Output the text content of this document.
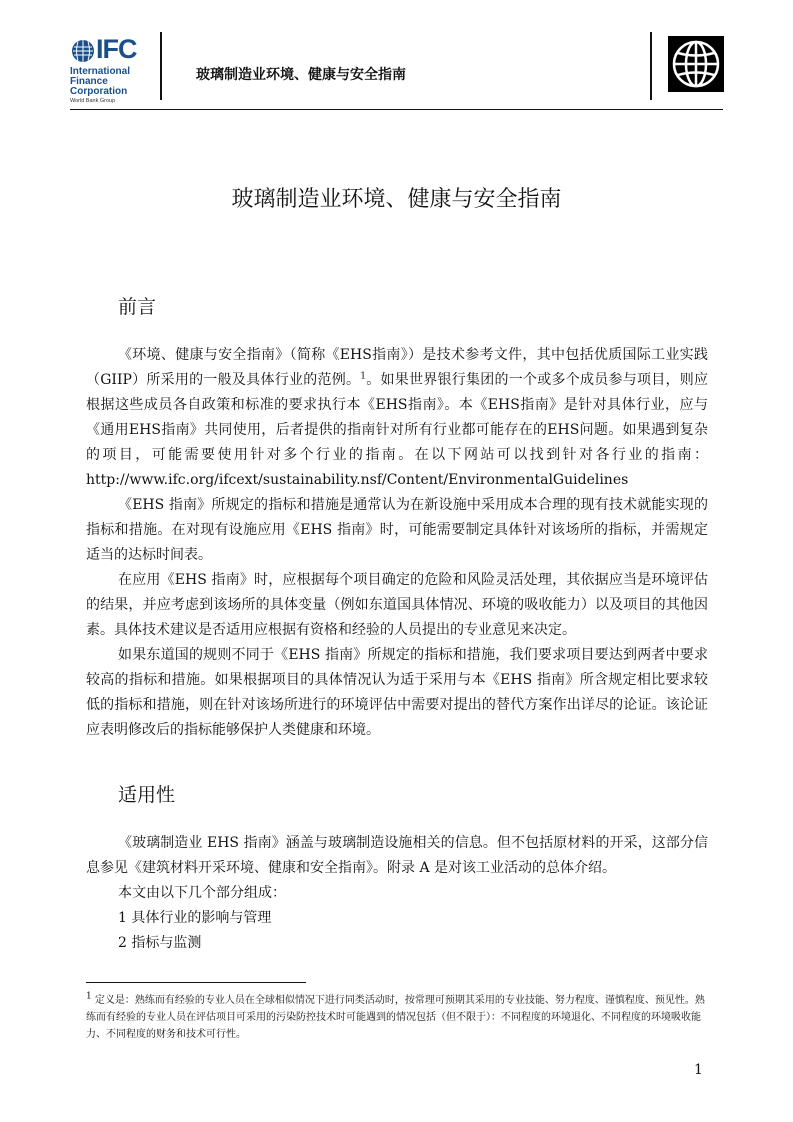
IFC
International
Finance
Corporation
World Bank Group
玻璃制造业环境、健康与安全指南
玻璃制造业环境、健康与安全指南
前言

《环境、健康与安全指南》（简称《EHS指南》）是技术参考文件，其中包括优质国际工业实践（GIIP）所采用的一般及具体行业的范例。$^1$。如果世界银行集团的一个或多个成员参与项目，则应根据这些成员各自政策和标准的要求执行本《EHS指南》。本《EHS指南》是针对具体行业，应与《通用EHS指南》共同使用，后者提供的指南针对所有行业都可能存在的EHS问题。如果遇到复杂的项目，可能需要使用针对多个行业的指南。在以下网站可以找到针对各行业的指南：http://www.ifc.org/ifcext/sustainability.nsf/Content/EnvironmentalGuidelines

《EHS 指南》所规定的指标和措施是通常认为在新设施中采用成本合理的现有技术就能实现的指标和措施。在对现有设施应用《EHS 指南》时，可能需要制定具体针对该场所的指标，并需规定适当的达标时间表。

在应用《EHS 指南》时，应根据每个项目确定的危险和风险灵活处理，其依据应当是环境评估的结果，并应考虑到该场所的具体变量（例如东道国具体情况、环境的吸收能力）以及项目的其他因素。具体技术建议是否适用应根据有资格和经验的人员提出的专业意见来决定。

如果东道国的规则不同于《EHS 指南》所规定的指标和措施，我们要求项目要达到两者中要求较高的指标和措施。如果根据项目的具体情况认为适于采用与本《EHS 指南》所含规定相比要求较低的指标和措施，则在针对该场所进行的环境评估中需要对提出的替代方案作出详尽的论证。该论证应表明修改后的指标能够保护人类健康和环境。

适用性

《玻璃制造业 EHS 指南》涵盖与玻璃制造设施相关的信息。但不包括原材料的开采，这部分信息参见《建筑材料开采环境、健康和安全指南》。附录 A 是对该工业活动的总体介绍。

本文由以下几个部分组成：

1 具体行业的影响与管理

2 指标与监测

$^1$ 定义是：熟练而有经验的专业人员在全球相似情况下进行同类活动时，按常理可预期其采用的专业技能、努力程度、谨慎程度、预见性。熟练而有经验的专业人员在评估项目可采用的污染防控技术时可能遇到的情况包括（但不限于）：不同程度的环境退化、不同程度的环境吸收能力、不同程度的财务和技术可行性。
1
